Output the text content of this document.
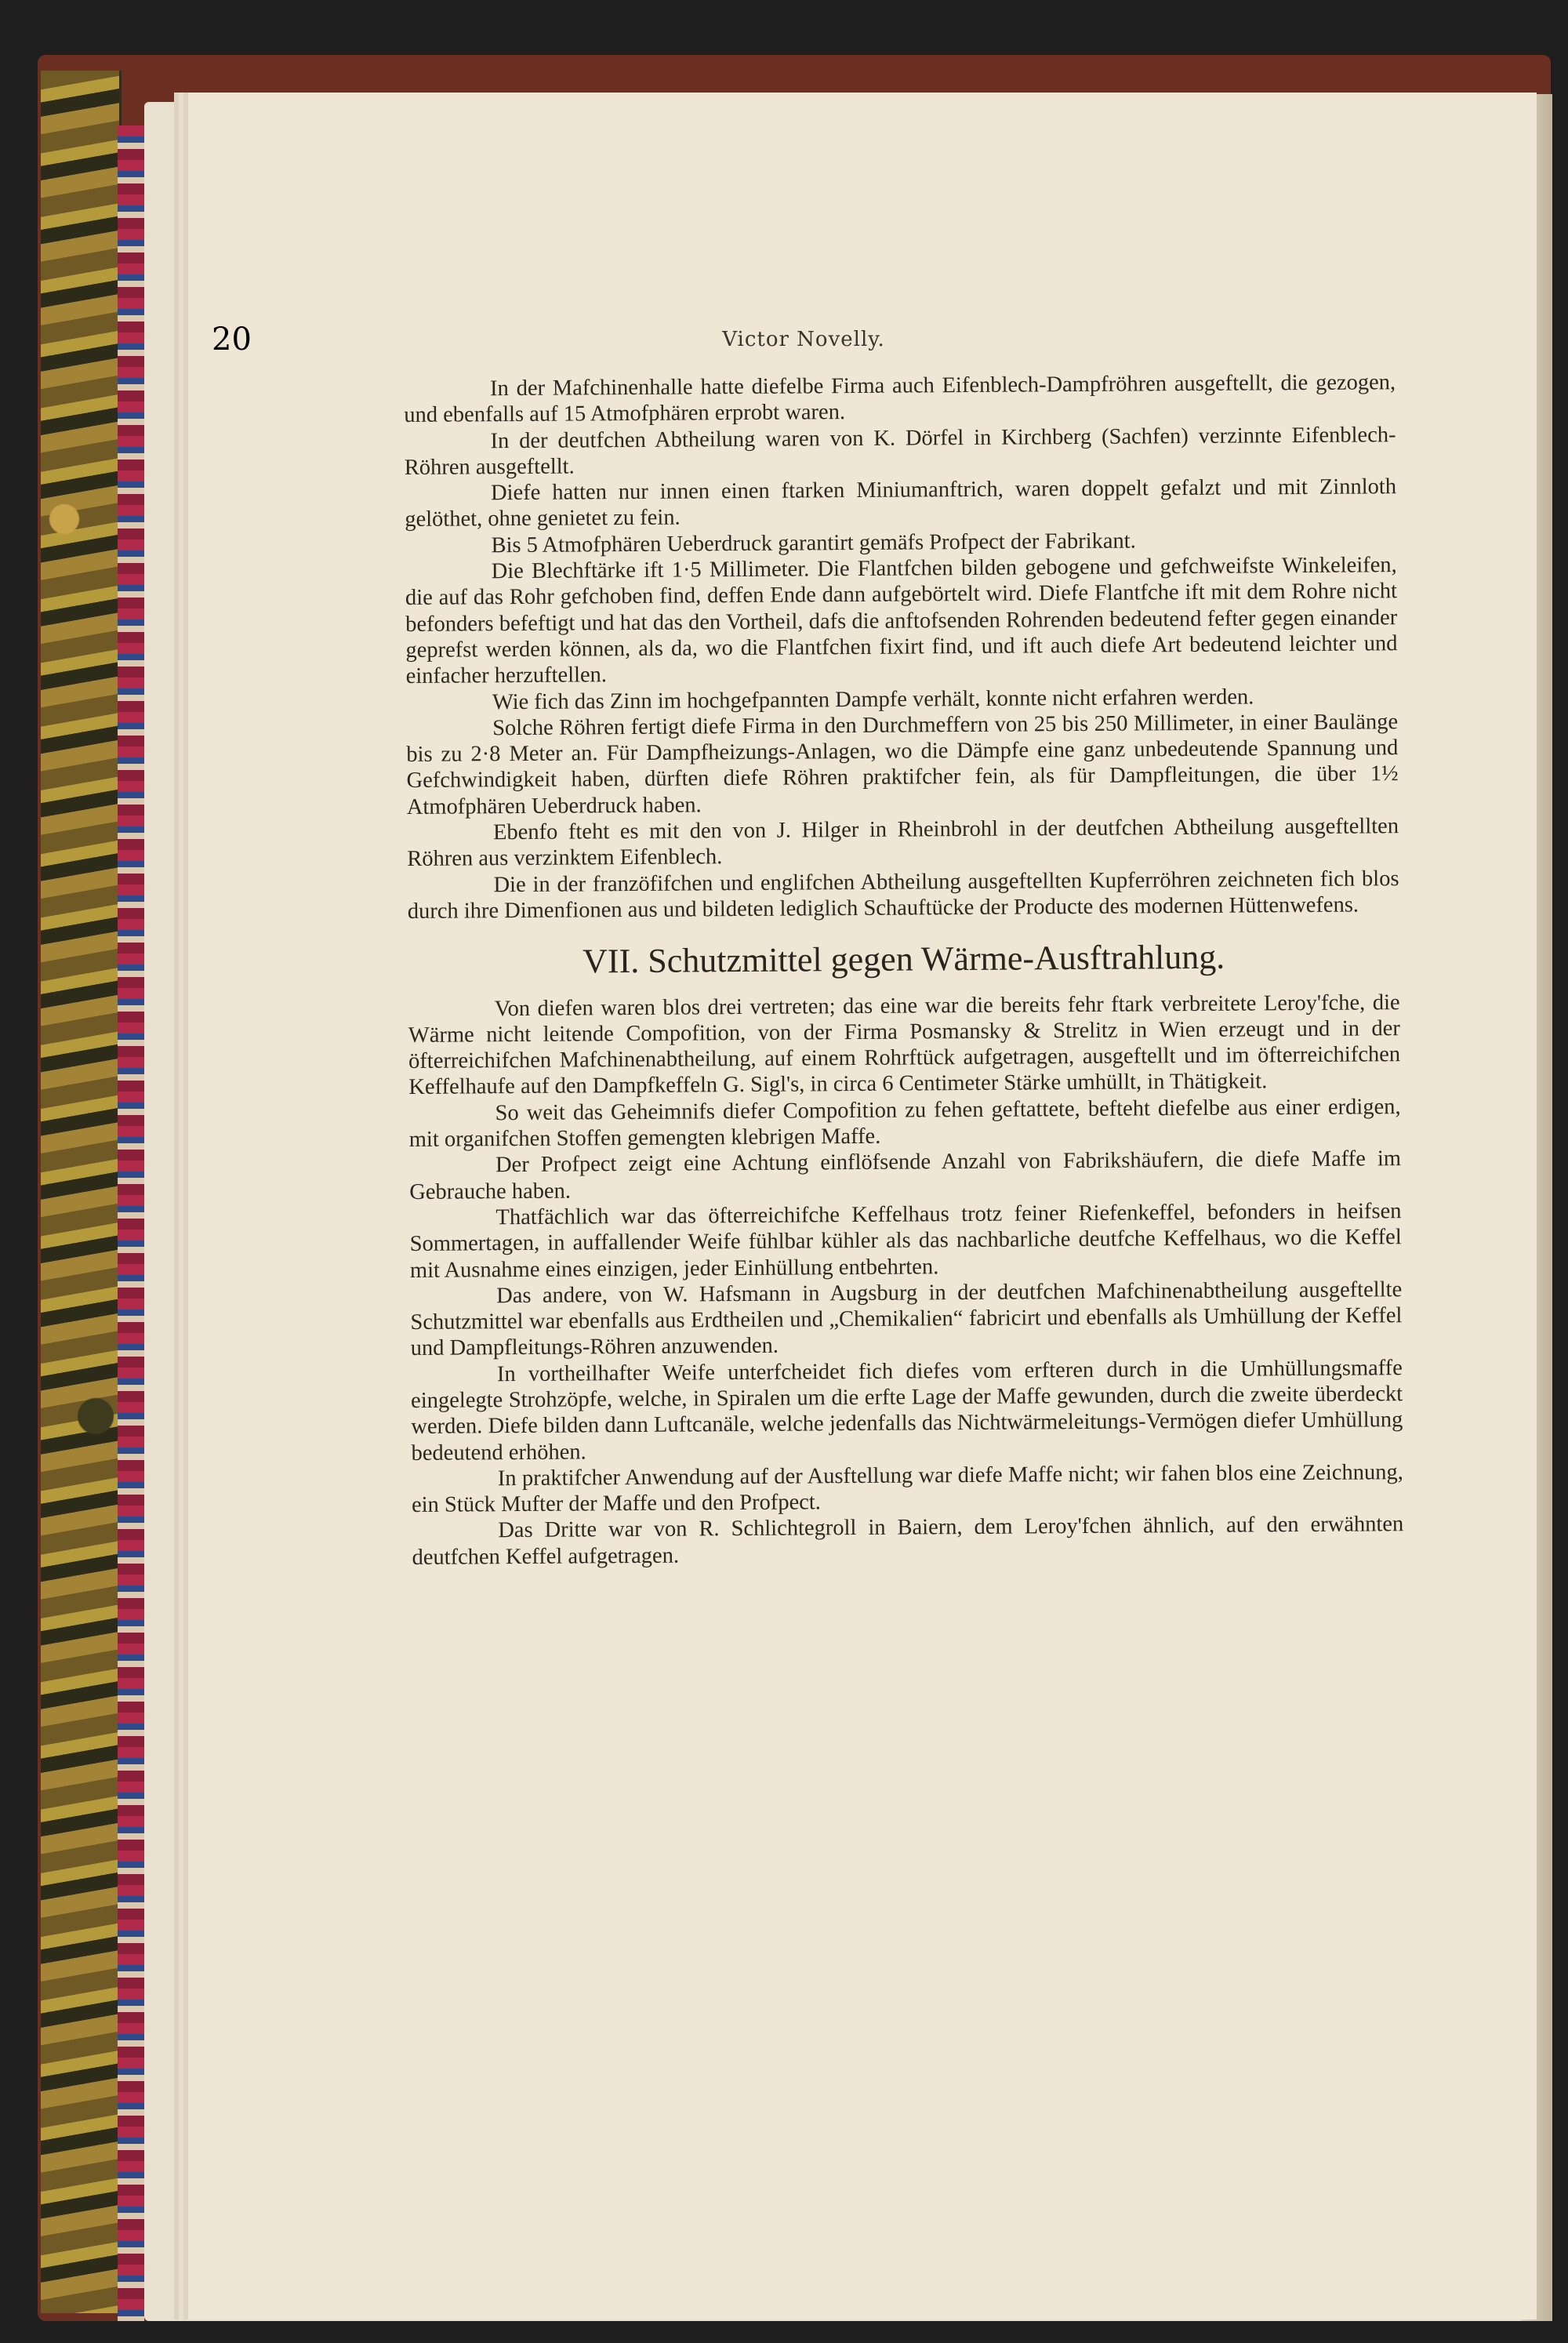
20	Victor Novelly.

In der Mafchinenhalle hatte diefelbe Firma auch Eifenblech-Dampfröhren ausgeftellt, die gezogen, und ebenfalls auf 15 Atmofphären erprobt waren.

In der deutfchen Abtheilung waren von K. Dörfel in Kirchberg (Sachfen) verzinnte Eifenblech-Röhren ausgeftellt.

Diefe hatten nur innen einen ftarken Miniumanftrich, waren doppelt gefalzt und mit Zinnloth gelöthet, ohne genietet zu fein.

Bis 5 Atmofphären Ueberdruck garantirt gemäfs Profpect der Fabrikant.

Die Blechftärke ift 1·5 Millimeter. Die Flantfchen bilden gebogene und gefchweifste Winkeleifen, die auf das Rohr gefchoben find, deffen Ende dann aufgebörtelt wird. Diefe Flantfche ift mit dem Rohre nicht befonders befeftigt und hat das den Vortheil, dafs die anftofsenden Rohrenden bedeutend fefter gegen einander geprefst werden können, als da, wo die Flantfchen fixirt find, und ift auch diefe Art bedeutend leichter und einfacher herzuftellen.

Wie fich das Zinn im hochgefpannten Dampfe verhält, konnte nicht erfahren werden.

Solche Röhren fertigt diefe Firma in den Durchmeffern von 25 bis 250 Millimeter, in einer Baulänge bis zu 2·8 Meter an. Für Dampfheizungs-Anlagen, wo die Dämpfe eine ganz unbedeutende Spannung und Gefchwindigkeit haben, dürften diefe Röhren praktifcher fein, als für Dampfleitungen, die über 1½ Atmofphären Ueberdruck haben.

Ebenfo fteht es mit den von J. Hilger in Rheinbrohl in der deutfchen Abtheilung ausgeftellten Röhren aus verzinktem Eifenblech.

Die in der franzöfifchen und englifchen Abtheilung ausgeftellten Kupferröhren zeichneten fich blos durch ihre Dimenfionen aus und bildeten lediglich Schauftücke der Producte des modernen Hüttenwefens.

VII. Schutzmittel gegen Wärme-Ausftrahlung.

Von diefen waren blos drei vertreten; das eine war die bereits fehr ftark verbreitete Leroy'fche, die Wärme nicht leitende Compofition, von der Firma Posmansky & Strelitz in Wien erzeugt und in der öfterreichifchen Mafchinenabtheilung, auf einem Rohrftück aufgetragen, ausgeftellt und im öfterreichifchen Keffelhaufe auf den Dampfkeffeln G. Sigl's, in circa 6 Centimeter Stärke umhüllt, in Thätigkeit.

So weit das Geheimnifs diefer Compofition zu fehen geftattete, befteht diefelbe aus einer erdigen, mit organifchen Stoffen gemengten klebrigen Maffe.

Der Profpect zeigt eine Achtung einflöfsende Anzahl von Fabrikshäufern, die diefe Maffe im Gebrauche haben.

Thatfächlich war das öfterreichifche Keffelhaus trotz feiner Riefenkeffel, befonders in heifsen Sommertagen, in auffallender Weife fühlbar kühler als das nachbarliche deutfche Keffelhaus, wo die Keffel mit Ausnahme eines einzigen, jeder Einhüllung entbehrten.

Das andere, von W. Hafsmann in Augsburg in der deutfchen Mafchinenabtheilung ausgeftellte Schutzmittel war ebenfalls aus Erdtheilen und „Chemikalien“ fabricirt und ebenfalls als Umhüllung der Keffel und Dampfleitungs-Röhren anzuwenden.

In vortheilhafter Weife unterfcheidet fich diefes vom erfteren durch in die Umhüllungsmaffe eingelegte Strohzöpfe, welche, in Spiralen um die erfte Lage der Maffe gewunden, durch die zweite überdeckt werden. Diefe bilden dann Luftcanäle, welche jedenfalls das Nichtwärmeleitungs-Vermögen diefer Umhüllung bedeutend erhöhen.

In praktifcher Anwendung auf der Ausftellung war diefe Maffe nicht; wir fahen blos eine Zeichnung, ein Stück Mufter der Maffe und den Profpect.

Das Dritte war von R. Schlichtegroll in Baiern, dem Leroy'fchen ähnlich, auf den erwähnten deutfchen Keffel aufgetragen.
